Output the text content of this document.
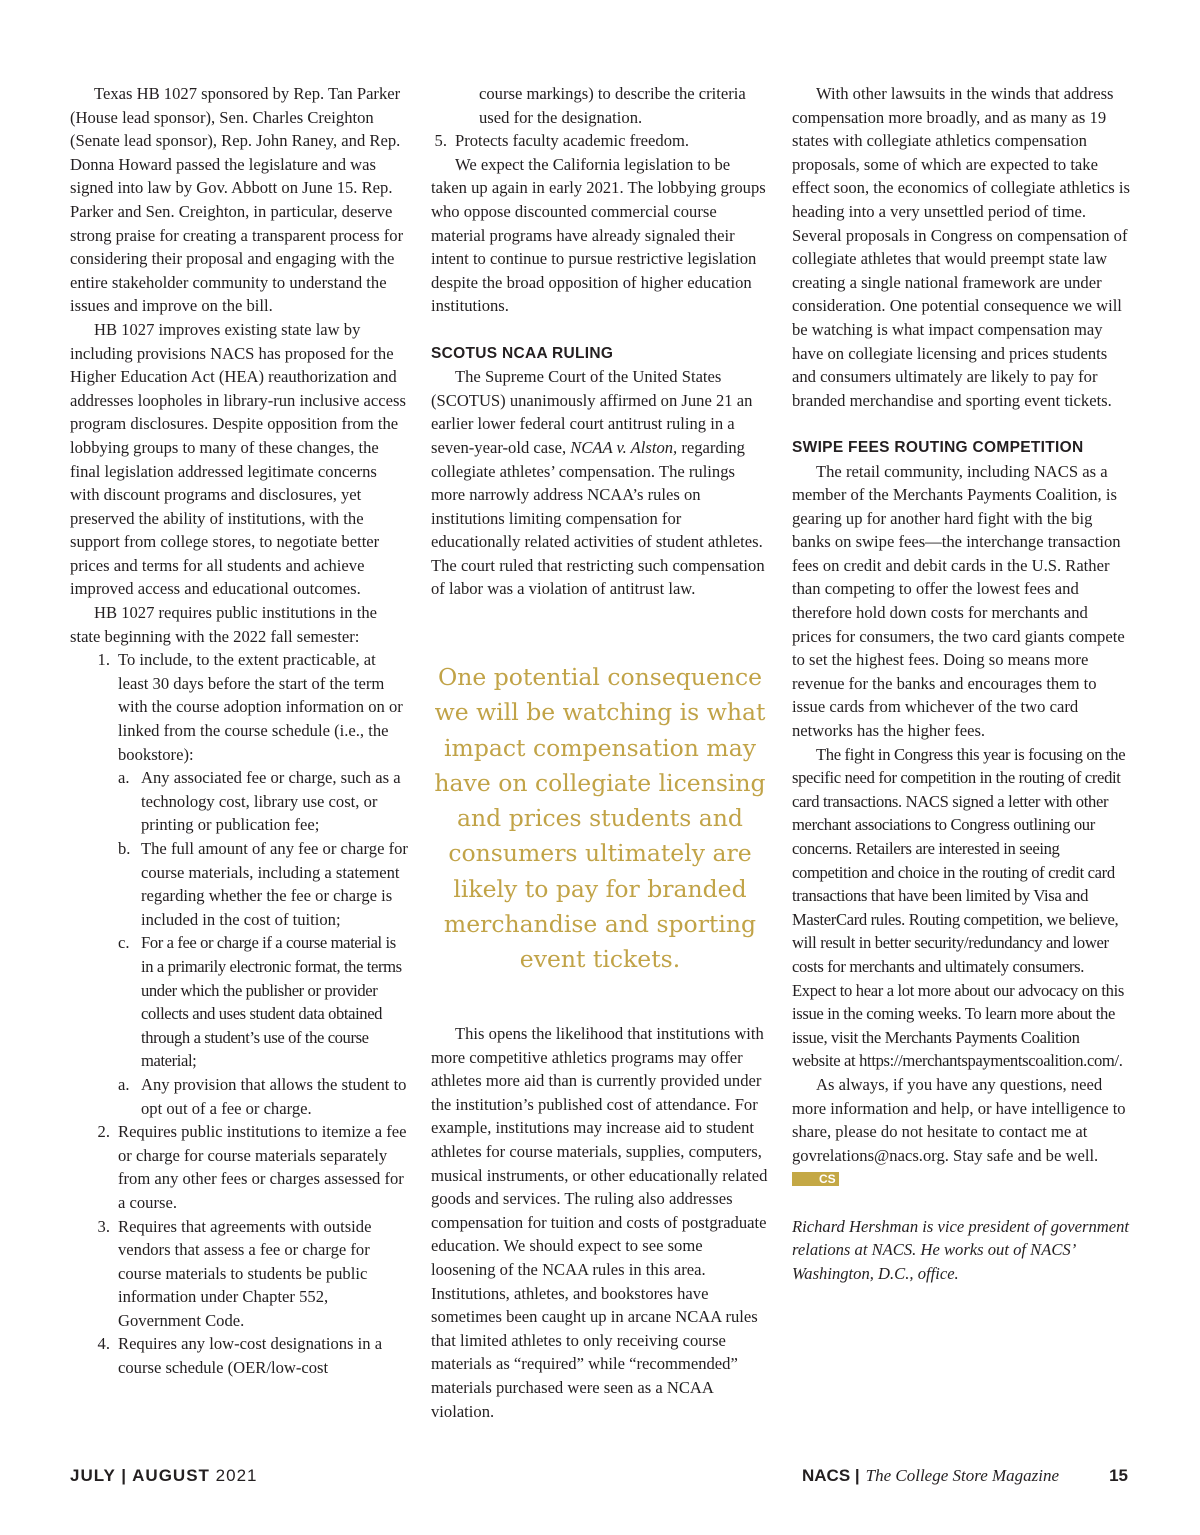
Texas HB 1027 sponsored by Rep. Tan Parker (House lead sponsor), Sen. Charles Creighton (Senate lead sponsor), Rep. John Raney, and Rep. Donna Howard passed the legislature and was signed into law by Gov. Abbott on June 15. Rep. Parker and Sen. Creighton, in particular, deserve strong praise for creating a transparent process for considering their proposal and engaging with the entire stakeholder community to understand the issues and improve on the bill.

HB 1027 improves existing state law by including provisions NACS has proposed for the Higher Education Act (HEA) reauthorization and addresses loopholes in library-run inclusive access program disclosures. Despite opposition from the lobbying groups to many of these changes, the final legislation addressed legitimate concerns with discount programs and disclosures, yet preserved the ability of institutions, with the support from college stores, to negotiate better prices and terms for all students and achieve improved access and educational outcomes.

HB 1027 requires public institutions in the state beginning with the 2022 fall semester:

1. To include, to the extent practicable, at least 30 days before the start of the term with the course adoption information on or linked from the course schedule (i.e., the bookstore):
a. Any associated fee or charge, such as a technology cost, library use cost, or printing or publication fee;
b. The full amount of any fee or charge for course materials, including a statement regarding whether the fee or charge is included in the cost of tuition;
c. For a fee or charge if a course material is in a primarily electronic format, the terms under which the publisher or provider collects and uses student data obtained through a student’s use of the course material;
a. Any provision that allows the student to opt out of a fee or charge.
2. Requires public institutions to itemize a fee or charge for course materials separately from any other fees or charges assessed for a course.
3. Requires that agreements with outside vendors that assess a fee or charge for course materials to students be public information under Chapter 552, Government Code.
4. Requires any low-cost designations in a course schedule (OER/low-cost
course markings) to describe the criteria used for the designation.
5. Protects faculty academic freedom.

We expect the California legislation to be taken up again in early 2021. The lobbying groups who oppose discounted commercial course material programs have already signaled their intent to continue to pursue restrictive legislation despite the broad opposition of higher education institutions.

SCOTUS NCAA RULING

The Supreme Court of the United States (SCOTUS) unanimously affirmed on June 21 an earlier lower federal court antitrust ruling in a seven-year-old case, NCAA v. Alston, regarding collegiate athletes’ compensation. The rulings more narrowly address NCAA’s rules on institutions limiting compensation for educationally related activities of student athletes. The court ruled that restricting such compensation of labor was a violation of antitrust law.

One potential consequence we will be watching is what impact compensation may have on collegiate licensing and prices students and consumers ultimately are likely to pay for branded merchandise and sporting event tickets.

This opens the likelihood that institutions with more competitive athletics programs may offer athletes more aid than is currently provided under the institution’s published cost of attendance. For example, institutions may increase aid to student athletes for course materials, supplies, computers, musical instruments, or other educationally related goods and services. The ruling also addresses compensation for tuition and costs of postgraduate education. We should expect to see some loosening of the NCAA rules in this area. Institutions, athletes, and bookstores have sometimes been caught up in arcane NCAA rules that limited athletes to only receiving course materials as “required” while “recommended” materials purchased were seen as a NCAA violation.

With other lawsuits in the winds that address compensation more broadly, and as many as 19 states with collegiate athletics compensation proposals, some of which are expected to take effect soon, the economics of collegiate athletics is heading into a very unsettled period of time. Several proposals in Congress on compensation of collegiate athletes that would preempt state law creating a single national framework are under consideration. One potential consequence we will be watching is what impact compensation may have on collegiate licensing and prices students and consumers ultimately are likely to pay for branded merchandise and sporting event tickets.

SWIPE FEES ROUTING COMPETITION

The retail community, including NACS as a member of the Merchants Payments Coalition, is gearing up for another hard fight with the big banks on swipe fees—the interchange transaction fees on credit and debit cards in the U.S. Rather than competing to offer the lowest fees and therefore hold down costs for merchants and prices for consumers, the two card giants compete to set the highest fees. Doing so means more revenue for the banks and encourages them to issue cards from whichever of the two card networks has the higher fees.

The fight in Congress this year is focusing on the specific need for competition in the routing of credit card transactions. NACS signed a letter with other merchant associations to Congress outlining our concerns. Retailers are interested in seeing competition and choice in the routing of credit card transactions that have been limited by Visa and MasterCard rules. Routing competition, we believe, will result in better security/redundancy and lower costs for merchants and ultimately consumers. Expect to hear a lot more about our advocacy on this issue in the coming weeks. To learn more about the issue, visit the Merchants Payments Coalition website at https://merchantspaymentscoalition.com/.

As always, if you have any questions, need more information and help, or have intelligence to share, please do not hesitate to contact me at govrelations@nacs.org. Stay safe and be well. CS

Richard Hershman is vice president of government relations at NACS. He works out of NACS’ Washington, D.C., office.

JULY | AUGUST 2021	NACS | The College Store Magazine	15
